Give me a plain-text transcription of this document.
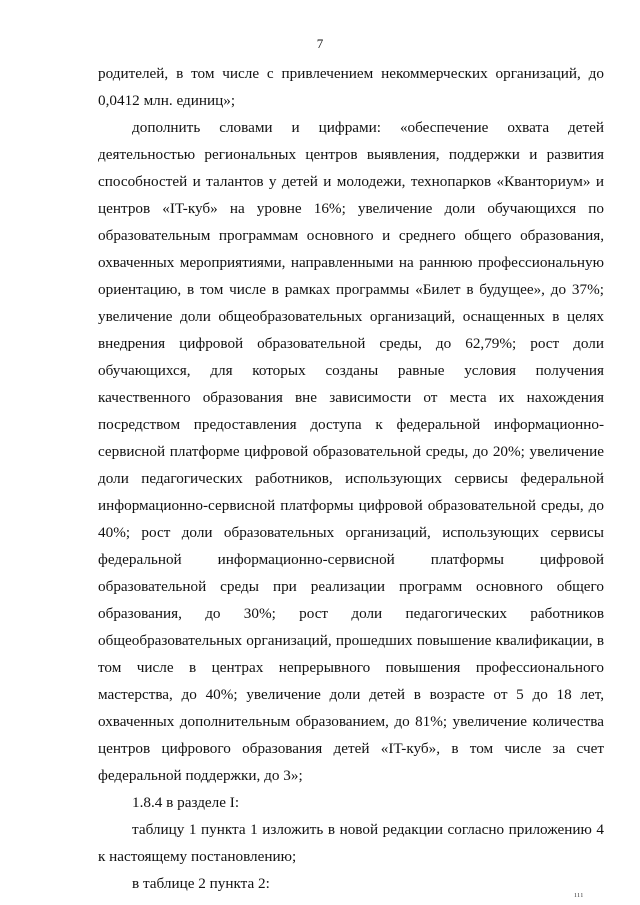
7

родителей, в том числе с привлечением некоммерческих организаций, до 0,0412 млн. единиц»;

дополнить словами и цифрами: «обеспечение охвата детей деятельностью региональных центров выявления, поддержки и развития способностей и талантов у детей и молодежи, технопарков «Кванториум» и центров «IT-куб» на уровне 16%; увеличение доли обучающихся по образовательным программам основного и среднего общего образования, охваченных мероприятиями, направленными на раннюю профессиональную ориентацию, в том числе в рамках программы «Билет в будущее», до 37%; увеличение доли общеобразовательных организаций, оснащенных в целях внедрения цифровой образовательной среды, до 62,79%; рост доли обучающихся, для которых созданы равные условия получения качественного образования вне зависимости от места их нахождения посредством предоставления доступа к федеральной информационно-сервисной платформе цифровой образовательной среды, до 20%; увеличение доли педагогических работников, использующих сервисы федеральной информационно-сервисной платформы цифровой образовательной среды, до 40%; рост доли образовательных организаций, использующих сервисы федеральной информационно-сервисной платформы цифровой образовательной среды при реализации программ основного общего образования, до 30%; рост доли педагогических работников общеобразовательных организаций, прошедших повышение квалификации, в том числе в центрах непрерывного повышения профессионального мастерства, до 40%; увеличение доли детей в возрасте от 5 до 18 лет, охваченных дополнительным образованием, до 81%; увеличение количества центров цифрового образования детей «IT-куб», в том числе за счет федеральной поддержки, до 3»;

1.8.4 в разделе I:

таблицу 1 пункта 1 изложить в новой редакции согласно приложению 4 к настоящему постановлению;

в таблице 2 пункта 2:

ııı
